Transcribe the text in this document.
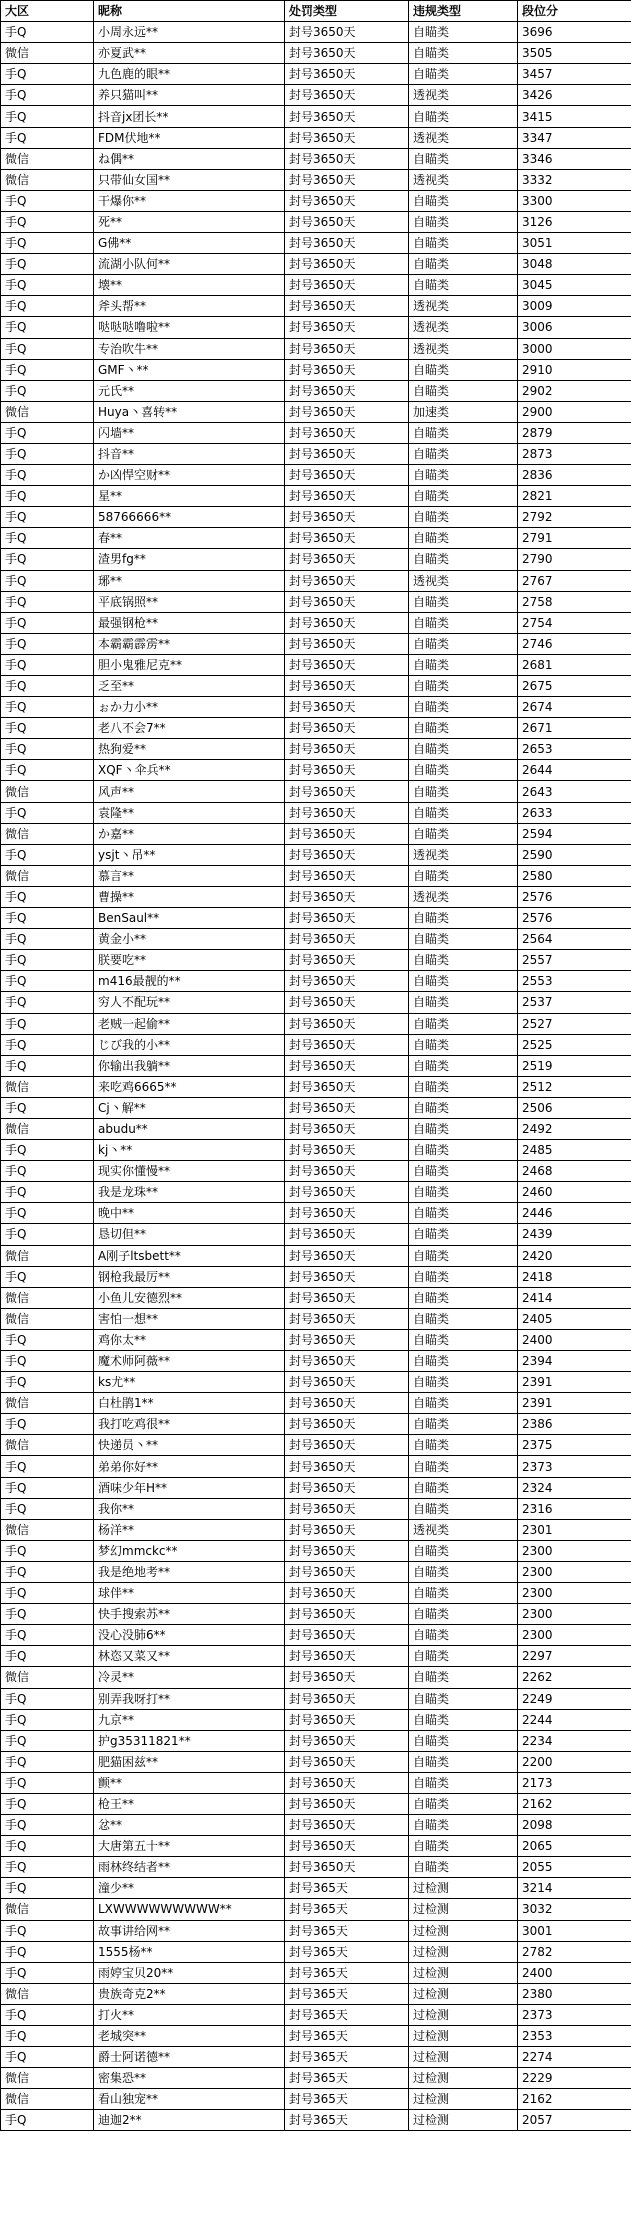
大区	昵称	处罚类型	违规类型	段位分
手Q	小周永远**	封号3650天	自瞄类	3696
微信	亦夏武**	封号3650天	自瞄类	3505
手Q	九色鹿的眼**	封号3650天	自瞄类	3457
手Q	养只猫叫**	封号3650天	透视类	3426
手Q	抖音jx团长**	封号3650天	自瞄类	3415
手Q	FDM伏地**	封号3650天	透视类	3347
微信	ね偶**	封号3650天	自瞄类	3346
微信	只带仙女国**	封号3650天	透视类	3332
手Q	干爆你**	封号3650天	自瞄类	3300
手Q	死**	封号3650天	自瞄类	3126
手Q	G佛**	封号3650天	自瞄类	3051
手Q	流湖小队何**	封号3650天	自瞄类	3048
手Q	壊**	封号3650天	自瞄类	3045
手Q	斧头帮**	封号3650天	透视类	3009
手Q	哒哒哒噜啦**	封号3650天	透视类	3006
手Q	专治吹牛**	封号3650天	透视类	3000
手Q	GMF丶**	封号3650天	自瞄类	2910
手Q	元氏**	封号3650天	自瞄类	2902
微信	Huya丶喜转**	封号3650天	加速类	2900
手Q	闪墙**	封号3650天	自瞄类	2879
手Q	抖音**	封号3650天	自瞄类	2873
手Q	か凶悍空财**	封号3650天	自瞄类	2836
手Q	星**	封号3650天	自瞄类	2821
手Q	58766666**	封号3650天	自瞄类	2792
手Q	春**	封号3650天	自瞄类	2791
手Q	渣男fg**	封号3650天	自瞄类	2790
手Q	琊**	封号3650天	透视类	2767
手Q	平底锅照**	封号3650天	自瞄类	2758
手Q	最强钢枪**	封号3650天	自瞄类	2754
手Q	本霸霸霹雳**	封号3650天	自瞄类	2746
手Q	胆小鬼雅尼克**	封号3650天	自瞄类	2681
手Q	乏至**	封号3650天	自瞄类	2675
手Q	ぉか力小**	封号3650天	自瞄类	2674
手Q	老八不会7**	封号3650天	自瞄类	2671
手Q	热狗爱**	封号3650天	自瞄类	2653
手Q	XQF丶伞兵**	封号3650天	自瞄类	2644
微信	风声**	封号3650天	自瞄类	2643
手Q	袁隆**	封号3650天	自瞄类	2633
微信	か嘉**	封号3650天	自瞄类	2594
手Q	ysjt丶吊**	封号3650天	透视类	2590
微信	慕言**	封号3650天	自瞄类	2580
手Q	曹操**	封号3650天	透视类	2576
手Q	BenSaul**	封号3650天	自瞄类	2576
手Q	黄金小**	封号3650天	自瞄类	2564
手Q	朕要吃**	封号3650天	自瞄类	2557
手Q	m416最靓的**	封号3650天	自瞄类	2553
手Q	穷人不配玩**	封号3650天	自瞄类	2537
手Q	老贼一起偷**	封号3650天	自瞄类	2527
手Q	じび我的小**	封号3650天	自瞄类	2525
手Q	你输出我躺**	封号3650天	自瞄类	2519
微信	来吃鸡6665**	封号3650天	自瞄类	2512
手Q	Cj丶解**	封号3650天	自瞄类	2506
微信	abudu**	封号3650天	自瞄类	2492
手Q	kj丶**	封号3650天	自瞄类	2485
手Q	现实你懂慢**	封号3650天	自瞄类	2468
手Q	我是龙珠**	封号3650天	自瞄类	2460
手Q	晚中**	封号3650天	自瞄类	2446
手Q	恳切但**	封号3650天	自瞄类	2439
微信	A刚子ltsbett**	封号3650天	自瞄类	2420
手Q	钢枪我最厉**	封号3650天	自瞄类	2418
微信	小鱼儿安德烈**	封号3650天	自瞄类	2414
微信	害怕一想**	封号3650天	自瞄类	2405
手Q	鸡你太**	封号3650天	自瞄类	2400
手Q	魔术师阿薇**	封号3650天	自瞄类	2394
手Q	ks尤**	封号3650天	自瞄类	2391
微信	白杜鹃1**	封号3650天	自瞄类	2391
手Q	我打吃鸡很**	封号3650天	自瞄类	2386
微信	快递员丶**	封号3650天	自瞄类	2375
手Q	弟弟你好**	封号3650天	自瞄类	2373
手Q	酒味少年H**	封号3650天	自瞄类	2324
手Q	我你**	封号3650天	自瞄类	2316
微信	杨洋**	封号3650天	透视类	2301
手Q	梦幻mmckc**	封号3650天	自瞄类	2300
手Q	我是绝地考**	封号3650天	自瞄类	2300
手Q	球伴**	封号3650天	自瞄类	2300
手Q	快手搜索苏**	封号3650天	自瞄类	2300
手Q	没心没肺6**	封号3650天	自瞄类	2300
手Q	林恣又菜又**	封号3650天	自瞄类	2297
微信	冷灵**	封号3650天	自瞄类	2262
手Q	别弄我呀打**	封号3650天	自瞄类	2249
手Q	九京**	封号3650天	自瞄类	2244
手Q	护g35311821**	封号3650天	自瞄类	2234
手Q	肥猫困兹**	封号3650天	自瞄类	2200
手Q	颤**	封号3650天	自瞄类	2173
手Q	枪王**	封号3650天	自瞄类	2162
手Q	忿**	封号3650天	自瞄类	2098
手Q	大唐第五十**	封号3650天	自瞄类	2065
手Q	雨林终结者**	封号3650天	自瞄类	2055
手Q	潼少**	封号365天	过检测	3214
微信	LXWWWWWWWWW**	封号365天	过检测	3032
手Q	故事讲给网**	封号365天	过检测	3001
手Q	1555杨**	封号365天	过检测	2782
手Q	雨婷宝贝20**	封号365天	过检测	2400
微信	贵族奇克2**	封号365天	过检测	2380
手Q	打火**	封号365天	过检测	2373
手Q	老城突**	封号365天	过检测	2353
手Q	爵士阿诺德**	封号365天	过检测	2274
微信	密集恐**	封号365天	过检测	2229
微信	看山独宠**	封号365天	过检测	2162
手Q	迪迦2**	封号365天	过检测	2057
